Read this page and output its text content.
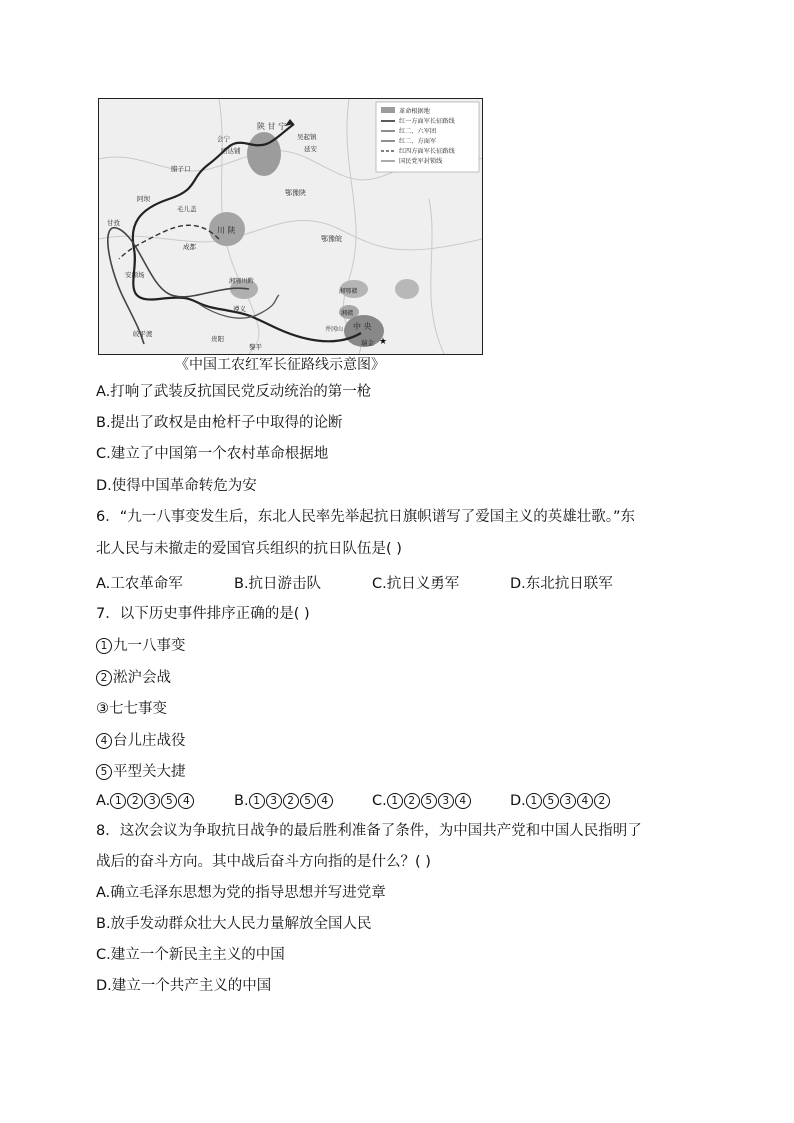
革命根据地
红一方面军长征路线
红二、六军团
红二、方面军
红四方面军长征路线
国民党军封锁线
陕 甘 宁
吴起镇
延安
会宁
哈达铺
腊子口
阿坝
毛儿盖
甘孜
成都
川 陕
安顺场
鄂豫皖
鄂豫陕
湘鄂川黔
湘鄂赣
湘赣
遵义
贵阳
皎平渡
黎平
井冈山 中 央
瑞金 ★
《中国工农红军长征路线示意图》
A.打响了武装反抗国民党反动统治的第一枪
B.提出了政权是由枪杆子中取得的论断
C.建立了中国第一个农村革命根据地
D.使得中国革命转危为安
6．“九一八事变发生后，东北人民率先举起抗日旗帜谱写了爱国主义的英雄壮歌。”东
北人民与未撤走的爱国官兵组织的抗日队伍是( )
A.工农革命军	B.抗日游击队	C.抗日义勇军	D.东北抗日联军
7．以下历史事件排序正确的是( )
1 九一八事变
2 淞沪会战
③七七事变
4 台儿庄战役
5 平型关大捷
A. 1 2 3 5 4	B. 1 3 2 5 4	C. 1 2 5 3 4	D. 1 5 3 4 2
8．这次会议为争取抗日战争的最后胜利准备了条件，为中国共产党和中国人民指明了
战后的奋斗方向。其中战后奋斗方向指的是什么？( )
A.确立毛泽东思想为党的指导思想并写进党章
B.放手发动群众壮大人民力量解放全国人民
C.建立一个新民主主义的中国
D.建立一个共产主义的中国
